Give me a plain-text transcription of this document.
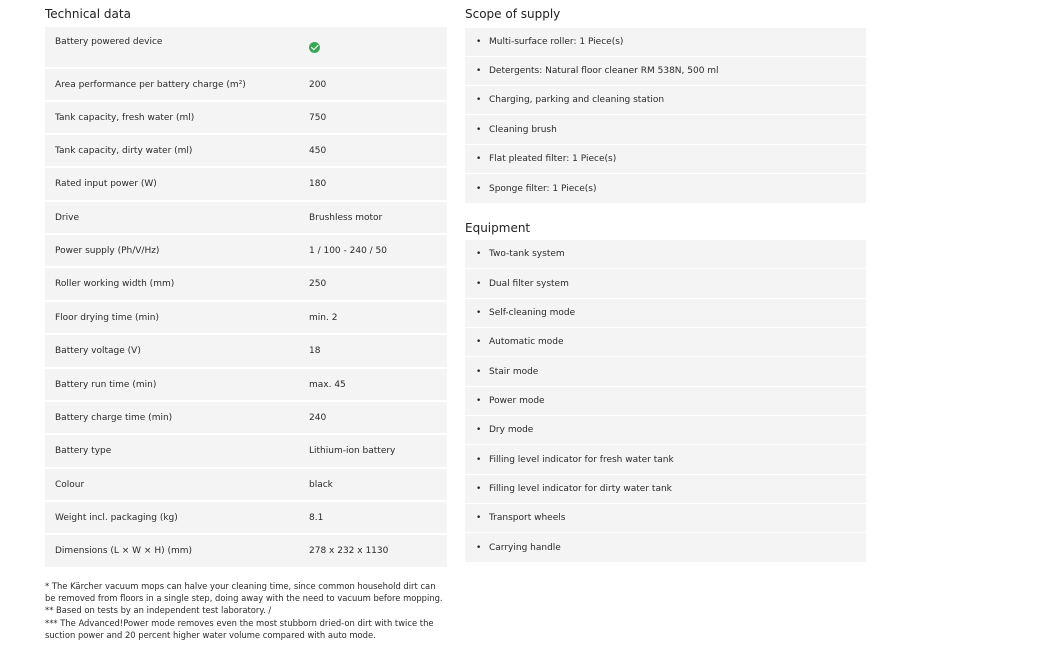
Technical data
Battery powered device
Area performance per battery charge (m²)	200
Tank capacity, fresh water (ml)	750
Tank capacity, dirty water (ml)	450
Rated input power (W)	180
Drive	Brushless motor
Power supply (Ph/V/Hz)	1 / 100 - 240 / 50
Roller working width (mm)	250
Floor drying time (min)	min. 2
Battery voltage (V)	18
Battery run time (min)	max. 45
Battery charge time (min)	240
Battery type	Lithium-ion battery
Colour	black
Weight incl. packaging (kg)	8.1
Dimensions (L × W × H) (mm)	278 x 232 x 1130
Scope of supply
• Multi-surface roller: 1 Piece(s)
• Detergents: Natural floor cleaner RM 538N, 500 ml
• Charging, parking and cleaning station
• Cleaning brush
• Flat pleated filter: 1 Piece(s)
• Sponge filter: 1 Piece(s)
Equipment
• Two-tank system
• Dual filter system
• Self-cleaning mode
• Automatic mode
• Stair mode
• Power mode
• Dry mode
• Filling level indicator for fresh water tank
• Filling level indicator for dirty water tank
• Transport wheels
• Carrying handle
* The Kärcher vacuum mops can halve your cleaning time, since common household dirt can be removed from floors in a single step, doing away with the need to vacuum before mopping.
** Based on tests by an independent test laboratory. /
*** The Advanced!Power mode removes even the most stubborn dried-on dirt with twice the suction power and 20 percent higher water volume compared with auto mode.
